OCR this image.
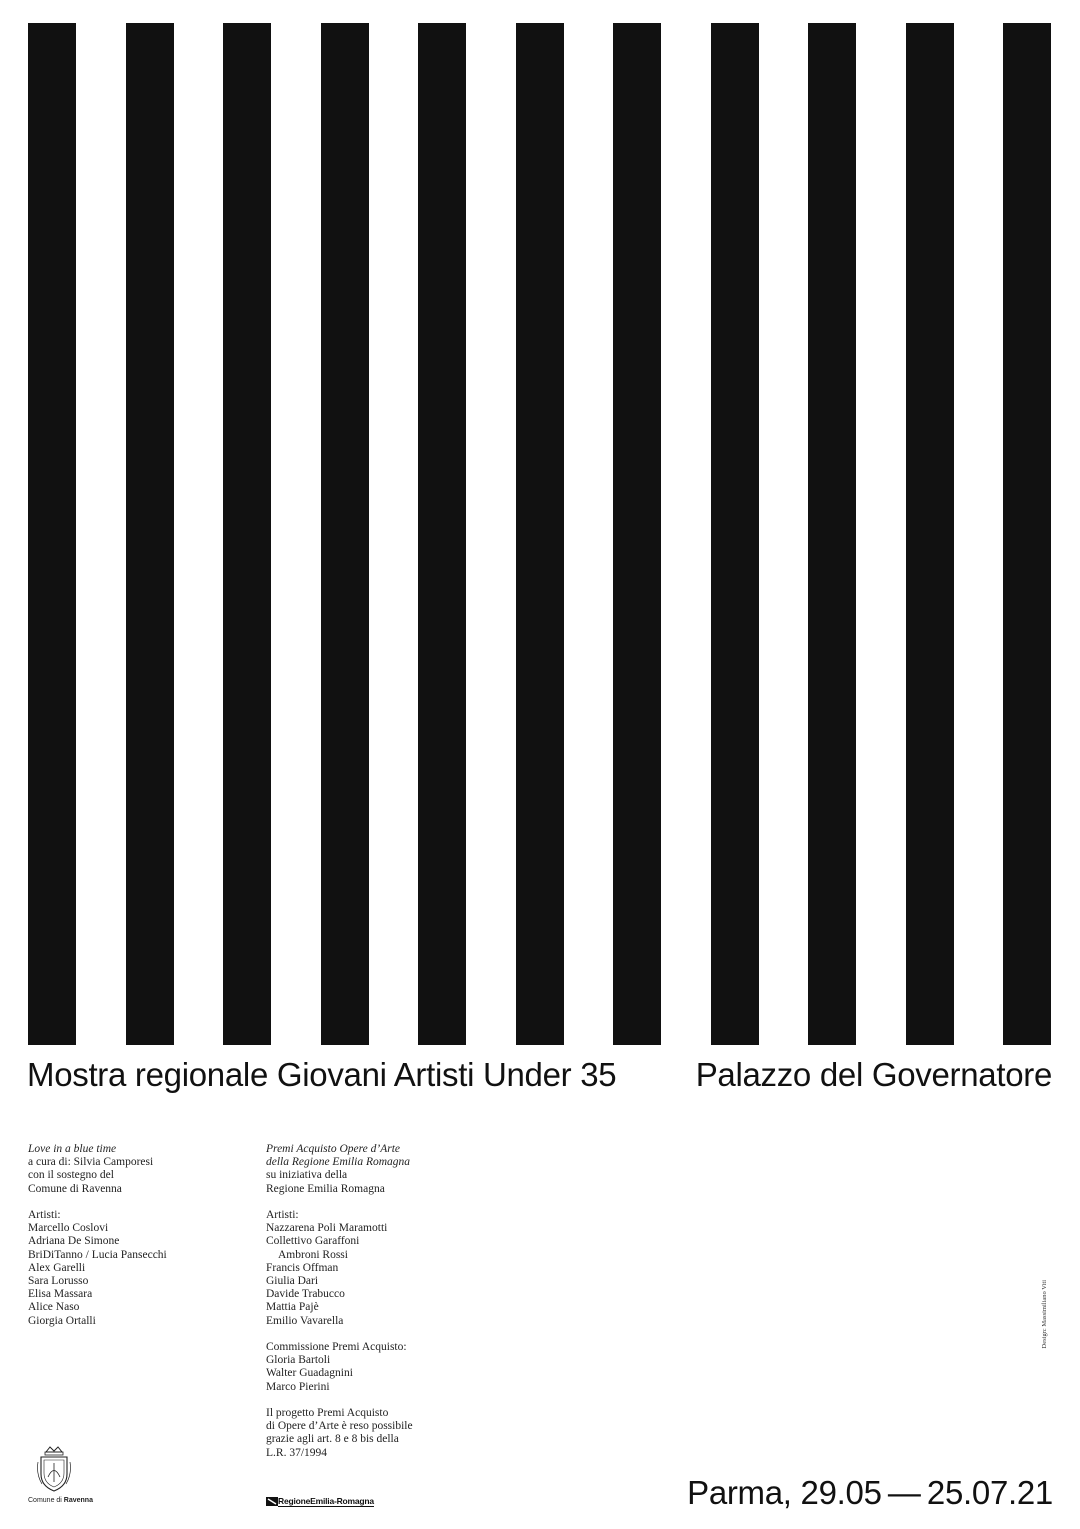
Mostra regionale Giovani Artisti Under 35 Palazzo del Governatore
Love in a blue time
a cura di: Silvia Camporesi
con il sostegno del
Comune di Ravenna
Artisti:
Marcello Coslovi
Adriana De Simone
BriDiTanno / Lucia Pansecchi
Alex Garelli
Sara Lorusso
Elisa Massara
Alice Naso
Giorgia Ortalli
Premi Acquisto Opere d’Arte
della Regione Emilia Romagna
su iniziativa della
Regione Emilia Romagna
Artisti:
Nazzarena Poli Maramotti
Collettivo Garaffoni
Ambroni Rossi
Francis Offman
Giulia Dari
Davide Trabucco
Mattia Pajè
Emilio Vavarella
Commissione Premi Acquisto:
Gloria Bartoli
Walter Guadagnini
Marco Pierini
Il progetto Premi Acquisto
di Opere d’Arte è reso possibile
grazie agli art. 8 e 8 bis della
L.R. 37/1994
Design: Massimiliano Viti
Comune di Ravenna	RegioneEmilia-Romagna	Parma, 29.05 — 25.07.21
